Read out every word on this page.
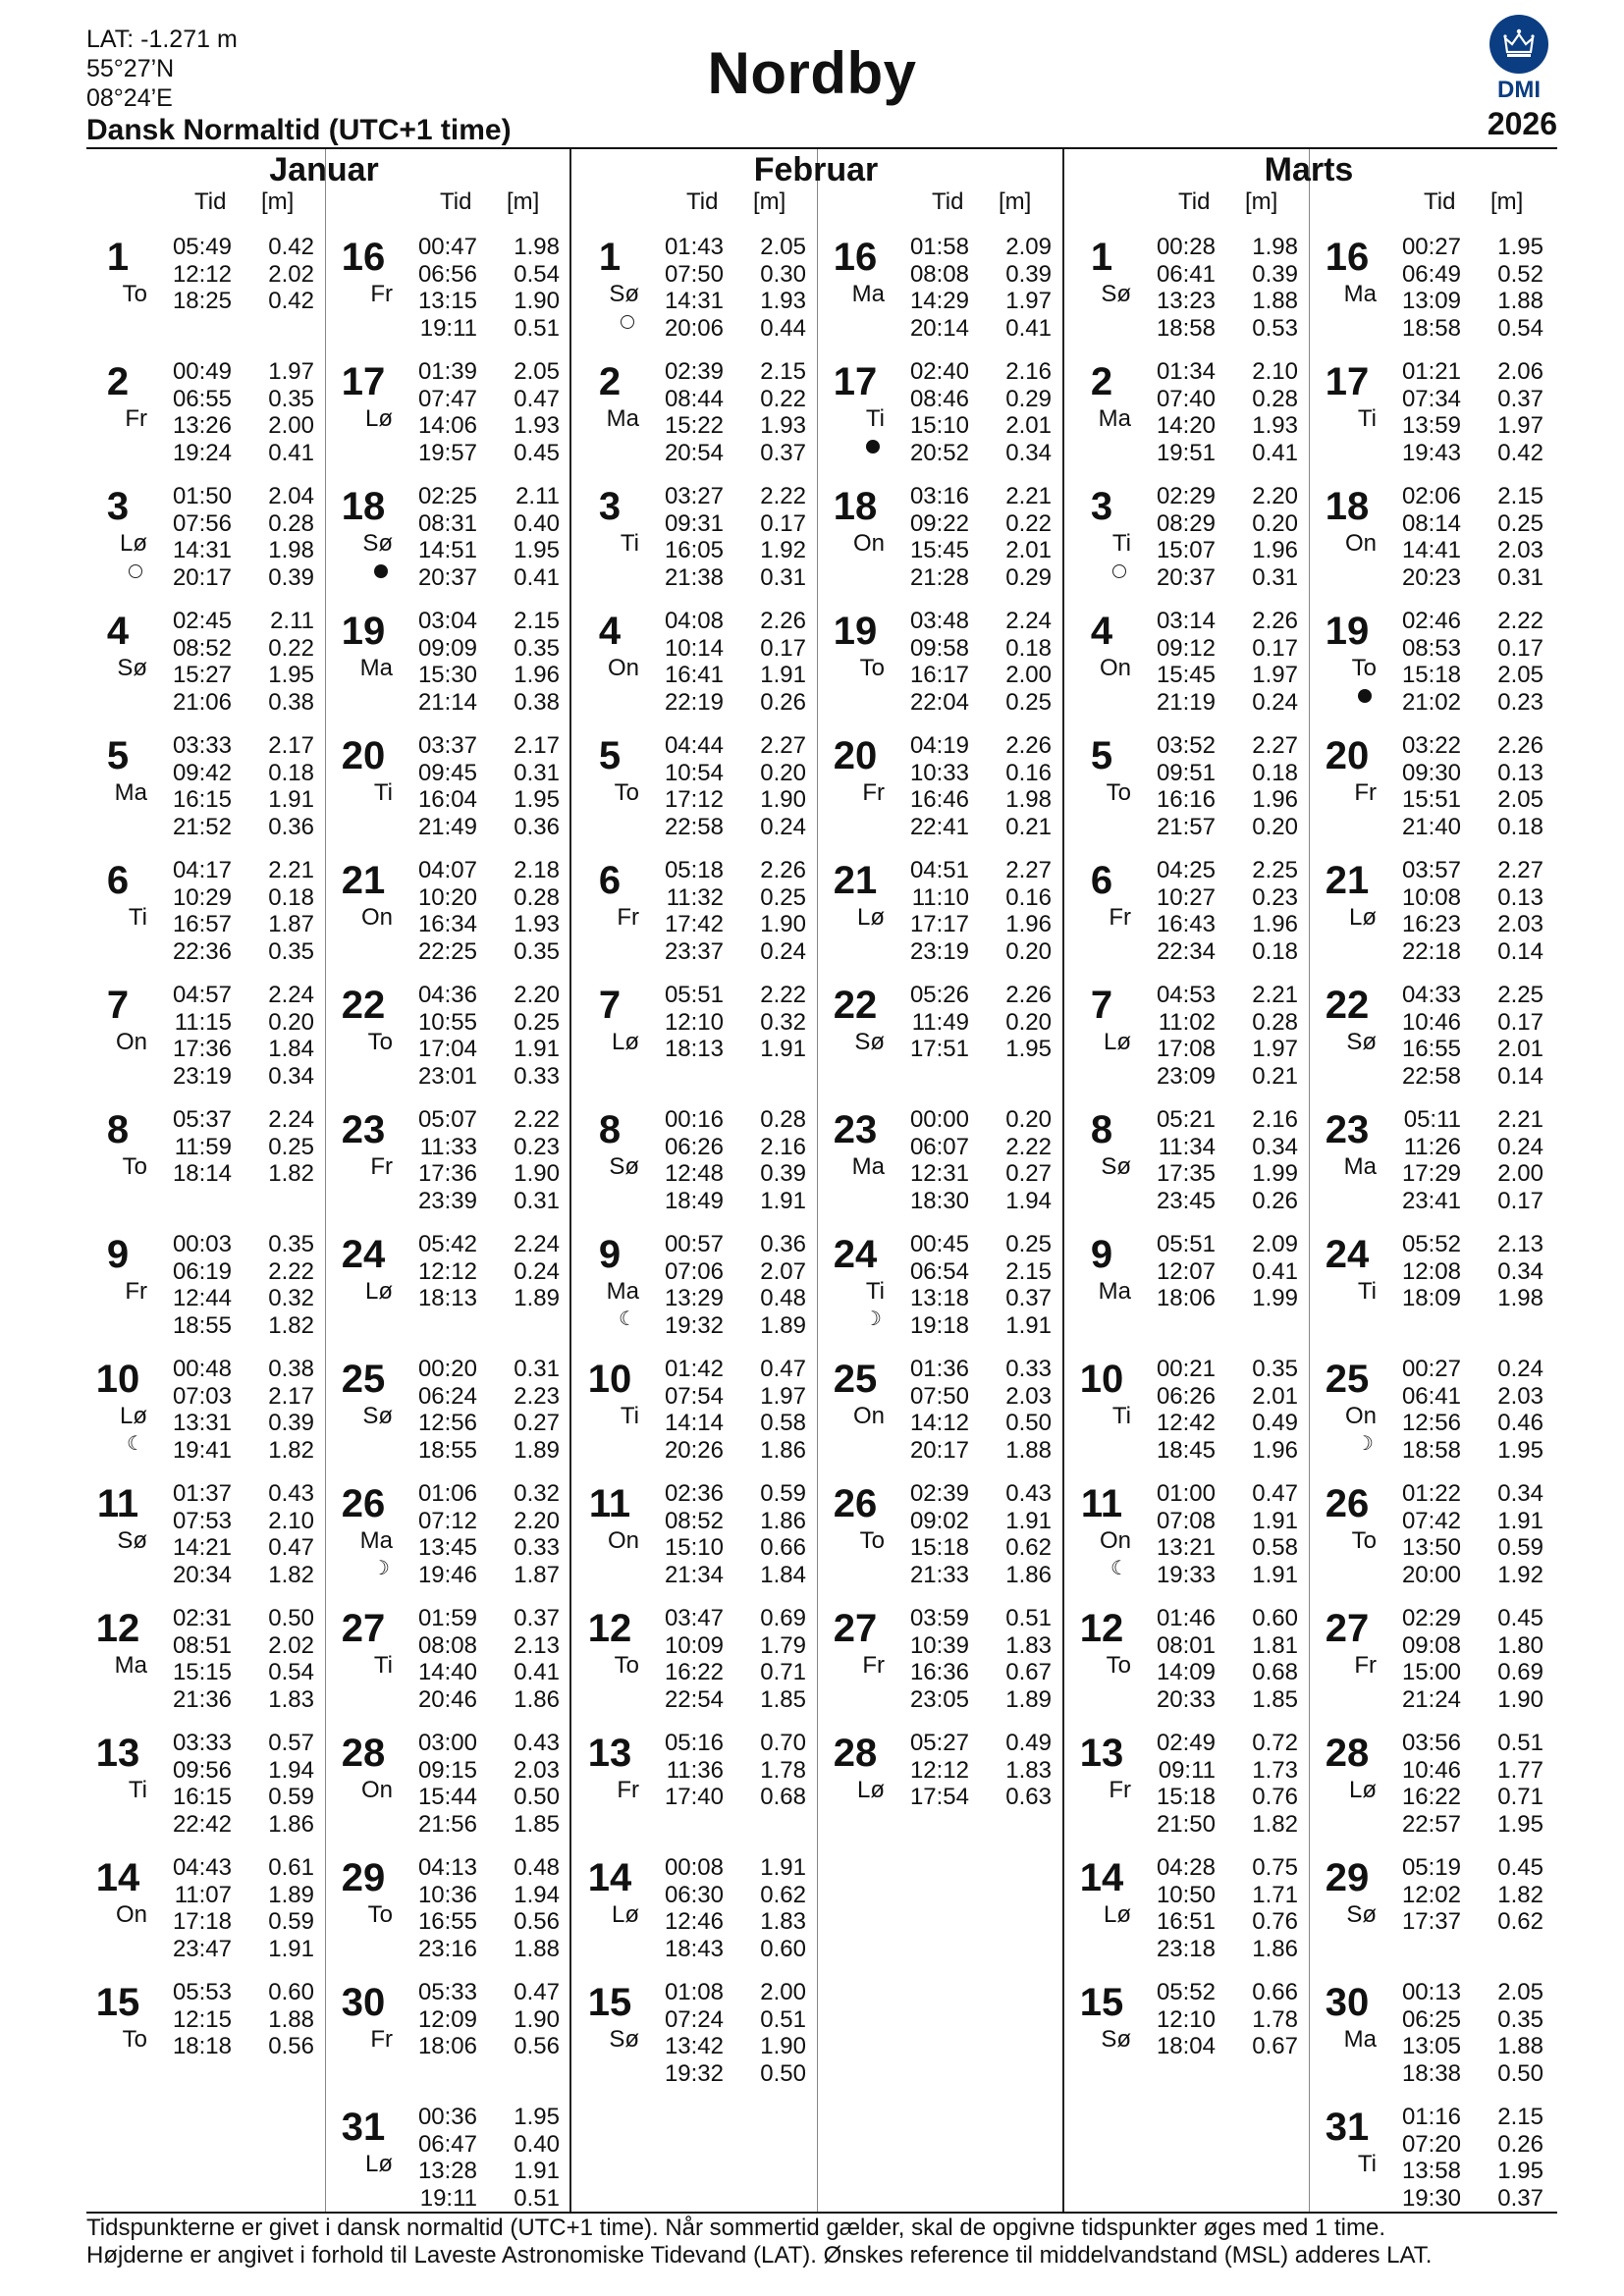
LAT: -1.271 m
55°27’N
08°24’E
Dansk Normaltid (UTC+1 time)
Nordby	DMI
2026
Januar	Februar	Marts
Tid [m]	Tid [m]	Tid [m]	Tid [m]	Tid [m]	Tid [m]
1
To
05:49 0.42
12:12 2.02
18:25 0.42
2
Fr
00:49 1.97
06:55 0.35
13:26 2.00
19:24 0.41
3
Lø
01:50 2.04
07:56 0.28
14:31 1.98
20:17 0.39
4
Sø
02:45 2.11
08:52 0.22
15:27 1.95
21:06 0.38
5
Ma
03:33 2.17
09:42 0.18
16:15 1.91
21:52 0.36
6
Ti
04:17 2.21
10:29 0.18
16:57 1.87
22:36 0.35
7
On
04:57 2.24
11:15 0.20
17:36 1.84
23:19 0.34
8
To
05:37 2.24
11:59 0.25
18:14 1.82
9
Fr
00:03 0.35
06:19 2.22
12:44 0.32
18:55 1.82
10
Lø
☾
00:48 0.38
07:03 2.17
13:31 0.39
19:41 1.82
11
Sø
01:37 0.43
07:53 2.10
14:21 0.47
20:34 1.82
12
Ma
02:31 0.50
08:51 2.02
15:15 0.54
21:36 1.83
13
Ti
03:33 0.57
09:56 1.94
16:15 0.59
22:42 1.86
14
On
04:43 0.61
11:07 1.89
17:18 0.59
23:47 1.91
15
To
05:53 0.60
12:15 1.88
18:18 0.56
16
Fr
00:47 1.98
06:56 0.54
13:15 1.90
19:11 0.51
17
Lø
01:39 2.05
07:47 0.47
14:06 1.93
19:57 0.45
18
Sø
02:25 2.11
08:31 0.40
14:51 1.95
20:37 0.41
19
Ma
03:04 2.15
09:09 0.35
15:30 1.96
21:14 0.38
20
Ti
03:37 2.17
09:45 0.31
16:04 1.95
21:49 0.36
21
On
04:07 2.18
10:20 0.28
16:34 1.93
22:25 0.35
22
To
04:36 2.20
10:55 0.25
17:04 1.91
23:01 0.33
23
Fr
05:07 2.22
11:33 0.23
17:36 1.90
23:39 0.31
24
Lø
05:42 2.24
12:12 0.24
18:13 1.89
25
Sø
00:20 0.31
06:24 2.23
12:56 0.27
18:55 1.89
26
Ma
☽
01:06 0.32
07:12 2.20
13:45 0.33
19:46 1.87
27
Ti
01:59 0.37
08:08 2.13
14:40 0.41
20:46 1.86
28
On
03:00 0.43
09:15 2.03
15:44 0.50
21:56 1.85
29
To
04:13 0.48
10:36 1.94
16:55 0.56
23:16 1.88
30
Fr
05:33 0.47
12:09 1.90
18:06 0.56
31
Lø
00:36 1.95
06:47 0.40
13:28 1.91
19:11 0.51
1
Sø
01:43 2.05
07:50 0.30
14:31 1.93
20:06 0.44
2
Ma
02:39 2.15
08:44 0.22
15:22 1.93
20:54 0.37
3
Ti
03:27 2.22
09:31 0.17
16:05 1.92
21:38 0.31
4
On
04:08 2.26
10:14 0.17
16:41 1.91
22:19 0.26
5
To
04:44 2.27
10:54 0.20
17:12 1.90
22:58 0.24
6
Fr
05:18 2.26
11:32 0.25
17:42 1.90
23:37 0.24
7
Lø
05:51 2.22
12:10 0.32
18:13 1.91
8
Sø
00:16 0.28
06:26 2.16
12:48 0.39
18:49 1.91
9
Ma
☾
00:57 0.36
07:06 2.07
13:29 0.48
19:32 1.89
10
Ti
01:42 0.47
07:54 1.97
14:14 0.58
20:26 1.86
11
On
02:36 0.59
08:52 1.86
15:10 0.66
21:34 1.84
12
To
03:47 0.69
10:09 1.79
16:22 0.71
22:54 1.85
13
Fr
05:16 0.70
11:36 1.78
17:40 0.68
14
Lø
00:08 1.91
06:30 0.62
12:46 1.83
18:43 0.60
15
Sø
01:08 2.00
07:24 0.51
13:42 1.90
19:32 0.50
16
Ma
01:58 2.09
08:08 0.39
14:29 1.97
20:14 0.41
17
Ti
02:40 2.16
08:46 0.29
15:10 2.01
20:52 0.34
18
On
03:16 2.21
09:22 0.22
15:45 2.01
21:28 0.29
19
To
03:48 2.24
09:58 0.18
16:17 2.00
22:04 0.25
20
Fr
04:19 2.26
10:33 0.16
16:46 1.98
22:41 0.21
21
Lø
04:51 2.27
11:10 0.16
17:17 1.96
23:19 0.20
22
Sø
05:26 2.26
11:49 0.20
17:51 1.95
23
Ma
00:00 0.20
06:07 2.22
12:31 0.27
18:30 1.94
24
Ti
☽
00:45 0.25
06:54 2.15
13:18 0.37
19:18 1.91
25
On
01:36 0.33
07:50 2.03
14:12 0.50
20:17 1.88
26
To
02:39 0.43
09:02 1.91
15:18 0.62
21:33 1.86
27
Fr
03:59 0.51
10:39 1.83
16:36 0.67
23:05 1.89
28
Lø
05:27 0.49
12:12 1.83
17:54 0.63
1
Sø
00:28 1.98
06:41 0.39
13:23 1.88
18:58 0.53
2
Ma
01:34 2.10
07:40 0.28
14:20 1.93
19:51 0.41
3
Ti
02:29 2.20
08:29 0.20
15:07 1.96
20:37 0.31
4
On
03:14 2.26
09:12 0.17
15:45 1.97
21:19 0.24
5
To
03:52 2.27
09:51 0.18
16:16 1.96
21:57 0.20
6
Fr
04:25 2.25
10:27 0.23
16:43 1.96
22:34 0.18
7
Lø
04:53 2.21
11:02 0.28
17:08 1.97
23:09 0.21
8
Sø
05:21 2.16
11:34 0.34
17:35 1.99
23:45 0.26
9
Ma
05:51 2.09
12:07 0.41
18:06 1.99
10
Ti
00:21 0.35
06:26 2.01
12:42 0.49
18:45 1.96
11
On
☾
01:00 0.47
07:08 1.91
13:21 0.58
19:33 1.91
12
To
01:46 0.60
08:01 1.81
14:09 0.68
20:33 1.85
13
Fr
02:49 0.72
09:11 1.73
15:18 0.76
21:50 1.82
14
Lø
04:28 0.75
10:50 1.71
16:51 0.76
23:18 1.86
15
Sø
05:52 0.66
12:10 1.78
18:04 0.67
16
Ma
00:27 1.95
06:49 0.52
13:09 1.88
18:58 0.54
17
Ti
01:21 2.06
07:34 0.37
13:59 1.97
19:43 0.42
18
On
02:06 2.15
08:14 0.25
14:41 2.03
20:23 0.31
19
To
02:46 2.22
08:53 0.17
15:18 2.05
21:02 0.23
20
Fr
03:22 2.26
09:30 0.13
15:51 2.05
21:40 0.18
21
Lø
03:57 2.27
10:08 0.13
16:23 2.03
22:18 0.14
22
Sø
04:33 2.25
10:46 0.17
16:55 2.01
22:58 0.14
23
Ma
05:11 2.21
11:26 0.24
17:29 2.00
23:41 0.17
24
Ti
05:52 2.13
12:08 0.34
18:09 1.98
25
On
☽
00:27 0.24
06:41 2.03
12:56 0.46
18:58 1.95
26
To
01:22 0.34
07:42 1.91
13:50 0.59
20:00 1.92
27
Fr
02:29 0.45
09:08 1.80
15:00 0.69
21:24 1.90
28
Lø
03:56 0.51
10:46 1.77
16:22 0.71
22:57 1.95
29
Sø
05:19 0.45
12:02 1.82
17:37 0.62
30
Ma
00:13 2.05
06:25 0.35
13:05 1.88
18:38 0.50
31
Ti
01:16 2.15
07:20 0.26
13:58 1.95
19:30 0.37
Tidspunkterne er givet i dansk normaltid (UTC+1 time). Når sommertid gælder, skal de opgivne tidspunkter øges med 1 time.
Højderne er angivet i forhold til Laveste Astronomiske Tidevand (LAT). Ønskes reference til middelvandstand (MSL) adderes LAT.
